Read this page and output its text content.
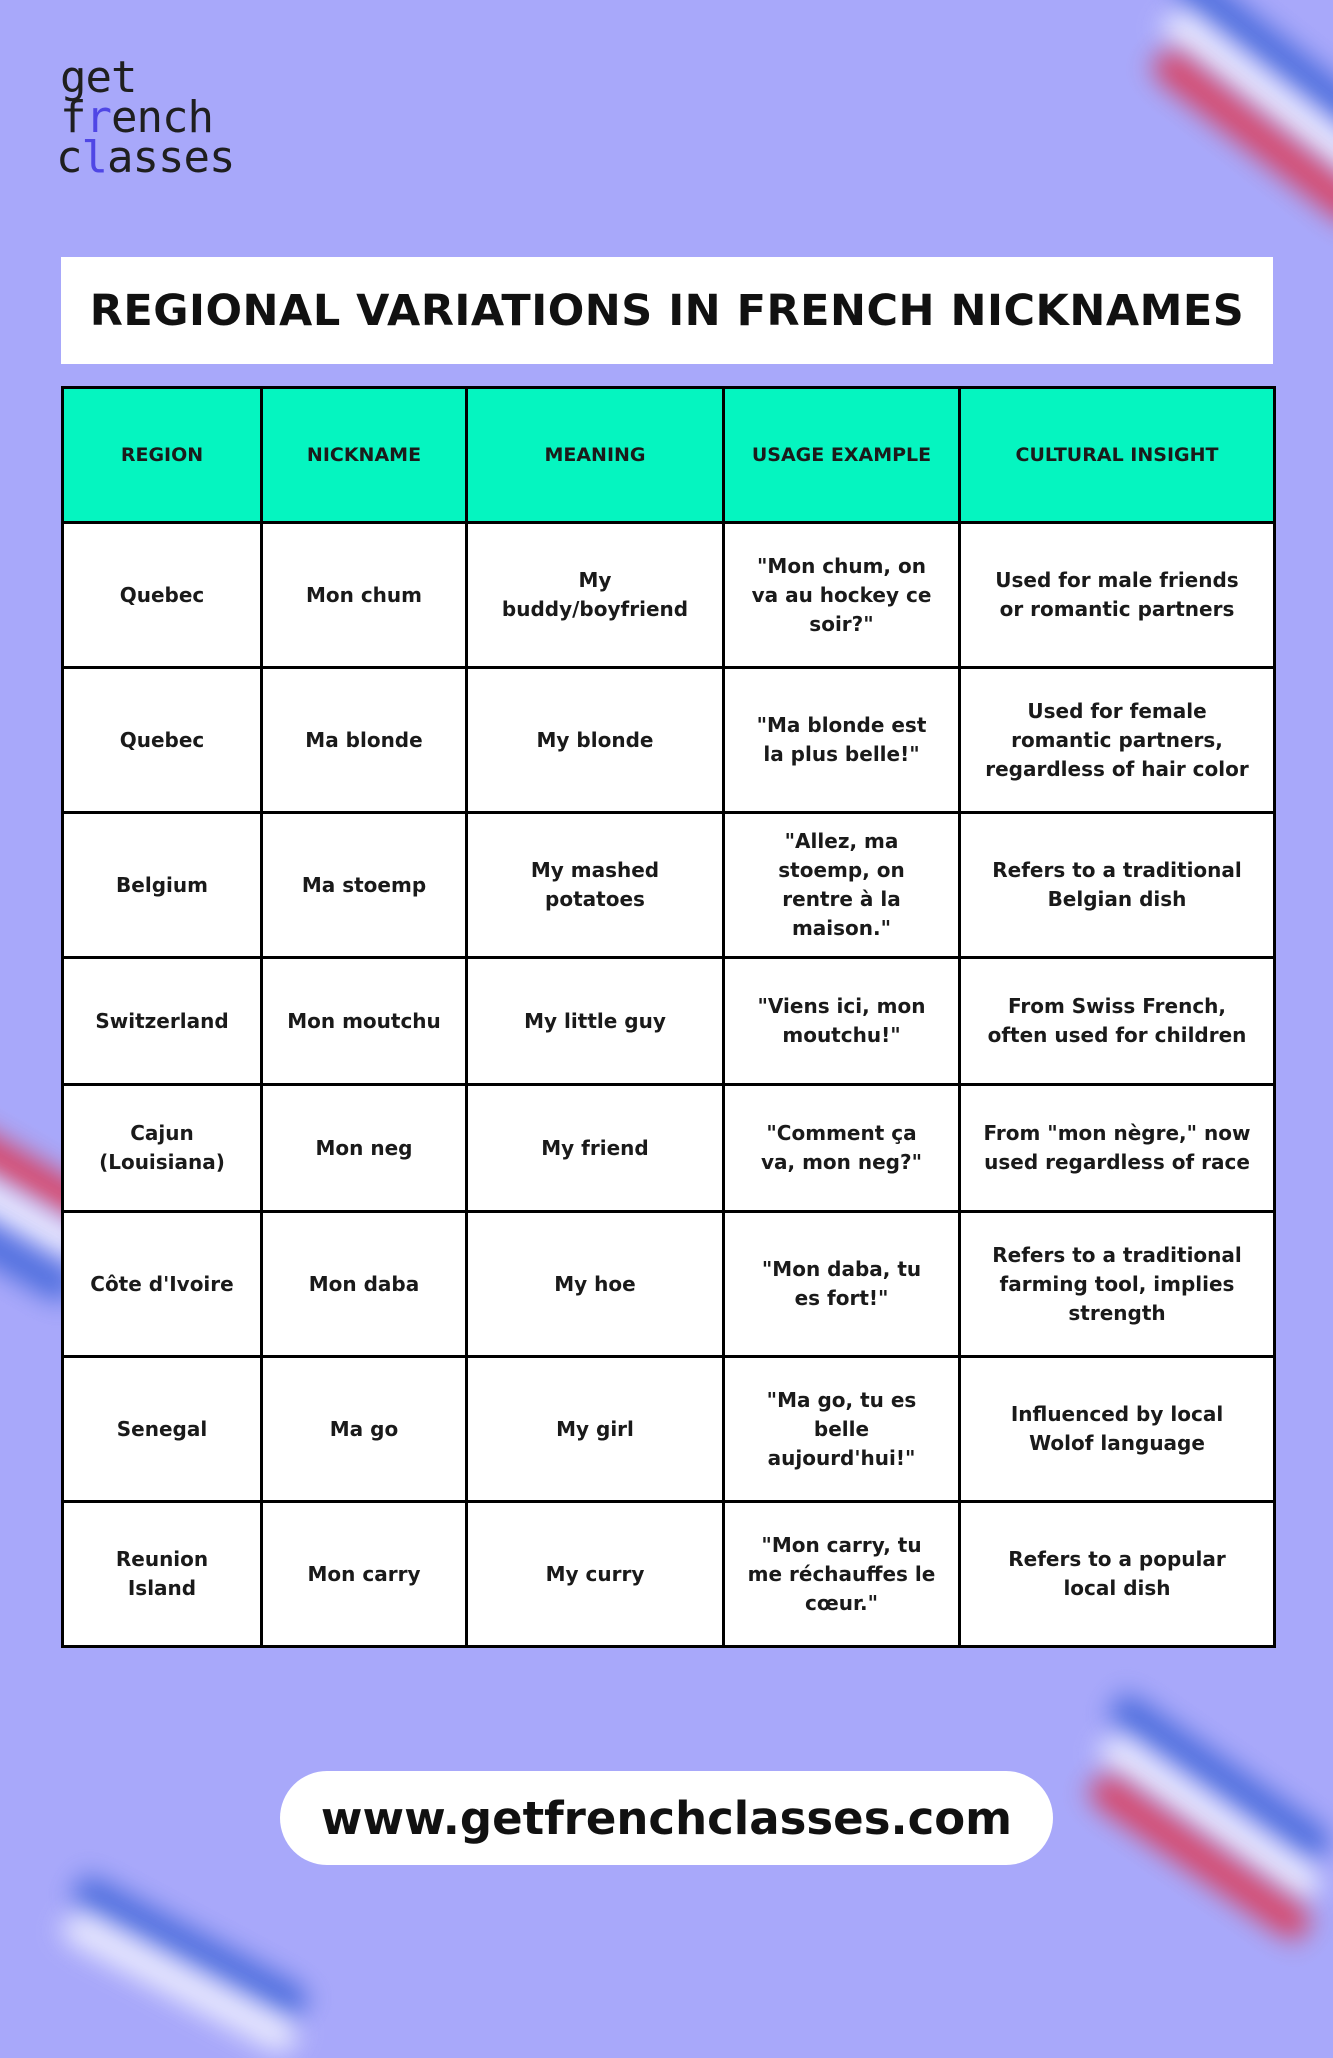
get
french
classes
REGIONAL VARIATIONS IN FRENCH NICKNAMES
REGION	NICKNAME	MEANING	USAGE EXAMPLE	CULTURAL INSIGHT
Quebec	Mon chum	My buddy/boyfriend	"Mon chum, on va au hockey ce soir?"	Used for male friends or romantic partners
Quebec	Ma blonde	My blonde	"Ma blonde est la plus belle!"	Used for female romantic partners, regardless of hair color
Belgium	Ma stoemp	My mashed potatoes	"Allez, ma stoemp, on rentre à la maison."	Refers to a traditional Belgian dish
Switzerland	Mon moutchu	My little guy	"Viens ici, mon moutchu!"	From Swiss French, often used for children
Cajun (Louisiana)	Mon neg	My friend	"Comment ça va, mon neg?"	From "mon nègre," now used regardless of race
Côte d'Ivoire	Mon daba	My hoe	"Mon daba, tu es fort!"	Refers to a traditional farming tool, implies strength
Senegal	Ma go	My girl	"Ma go, tu es belle aujourd'hui!"	Influenced by local Wolof language
Reunion Island	Mon carry	My curry	"Mon carry, tu me réchauffes le cœur."	Refers to a popular local dish
www.getfrenchclasses.com
